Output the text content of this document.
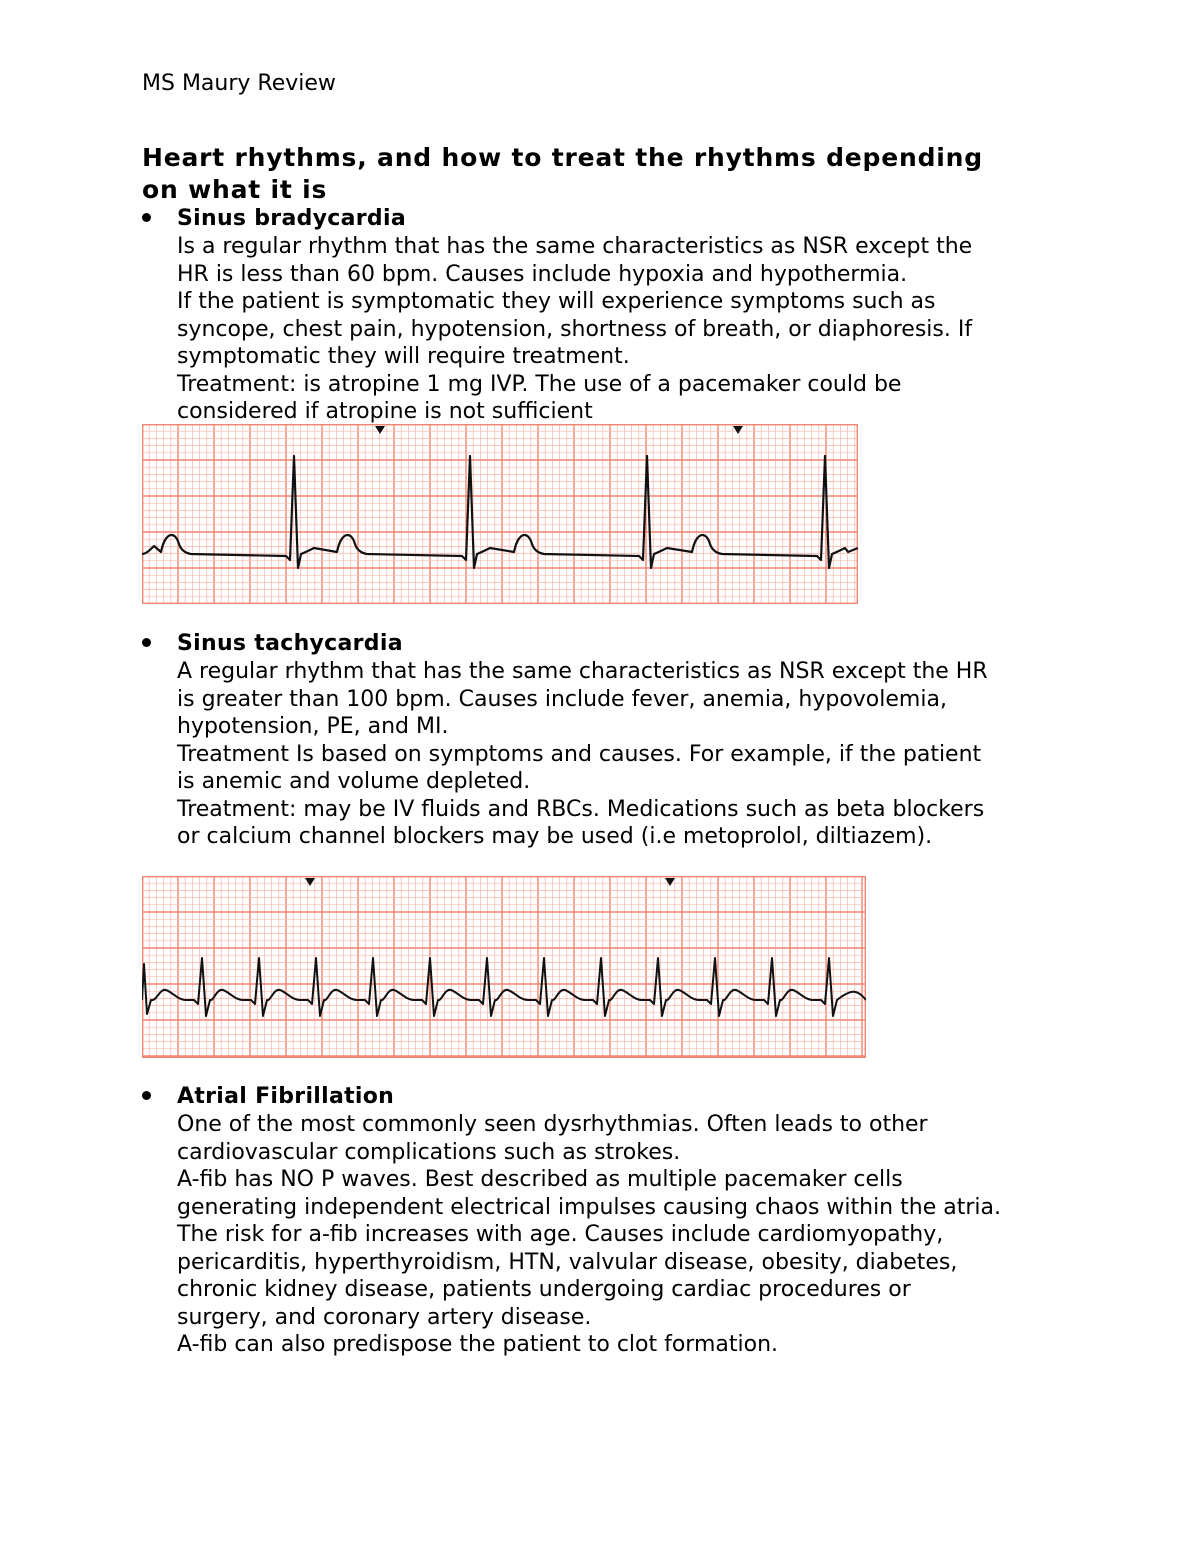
MS Maury Review
Heart rhythms, and how to treat the rhythms depending
on what it is
Sinus bradycardia
Is a regular rhythm that has the same characteristics as NSR except the
HR is less than 60 bpm. Causes include hypoxia and hypothermia.
If the patient is symptomatic they will experience symptoms such as
syncope, chest pain, hypotension, shortness of breath, or diaphoresis. If
symptomatic they will require treatment.
Treatment: is atropine 1 mg IVP. The use of a pacemaker could be
considered if atropine is not sufficient
Sinus tachycardia
A regular rhythm that has the same characteristics as NSR except the HR
is greater than 100 bpm. Causes include fever, anemia, hypovolemia,
hypotension, PE, and MI.
Treatment Is based on symptoms and causes. For example, if the patient
is anemic and volume depleted.
Treatment: may be IV fluids and RBCs. Medications such as beta blockers
or calcium channel blockers may be used (i.e metoprolol, diltiazem).
Atrial Fibrillation
One of the most commonly seen dysrhythmias. Often leads to other
cardiovascular complications such as strokes.
A-fib has NO P waves. Best described as multiple pacemaker cells
generating independent electrical impulses causing chaos within the atria.
The risk for a-fib increases with age. Causes include cardiomyopathy,
pericarditis, hyperthyroidism, HTN, valvular disease, obesity, diabetes,
chronic kidney disease, patients undergoing cardiac procedures or
surgery, and coronary artery disease.
A-fib can also predispose the patient to clot formation.
